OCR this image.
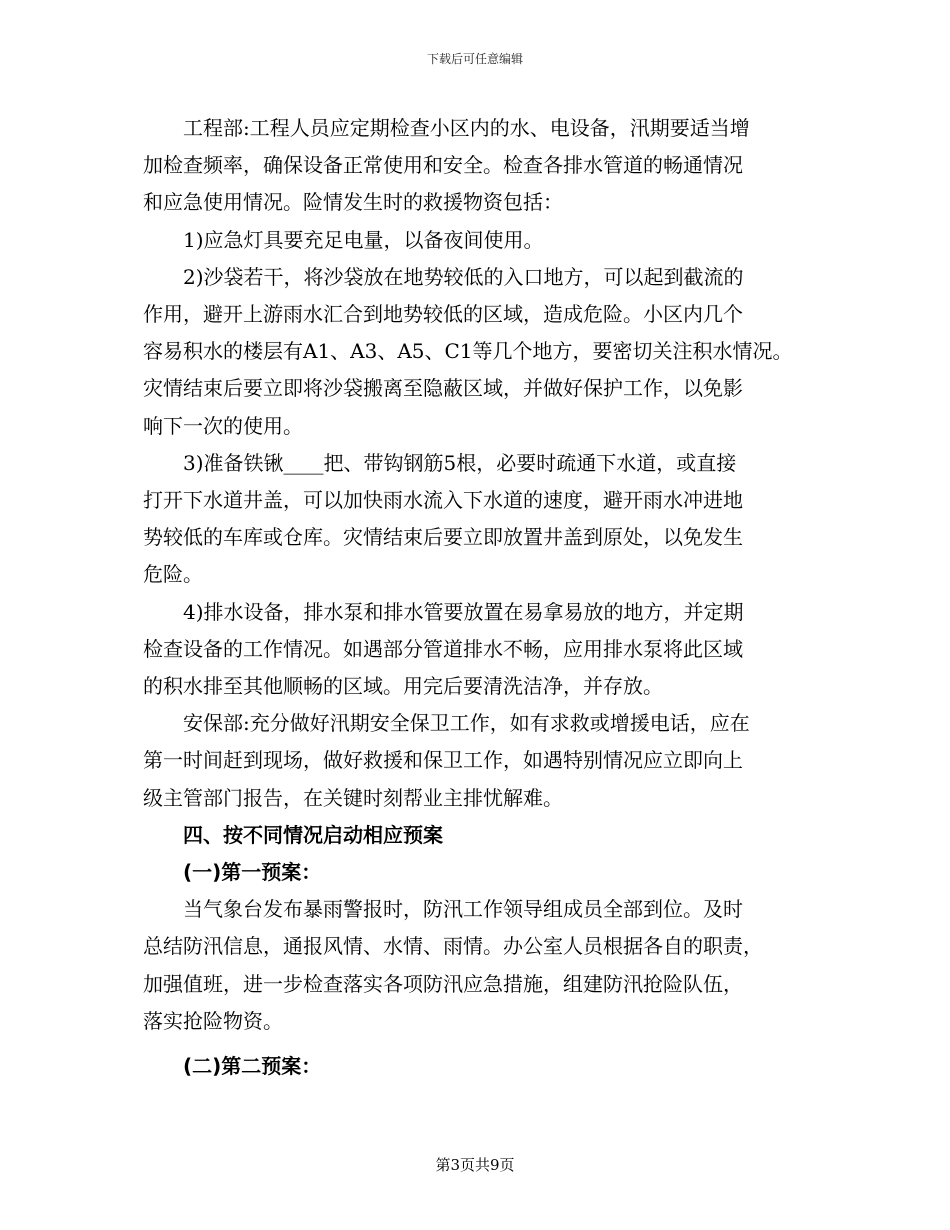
下载后可任意编辑

工程部:工程人员应定期检查小区内的水、电设备，汛期要适当增
加检查频率，确保设备正常使用和安全。检查各排水管道的畅通情况
和应急使用情况。险情发生时的救援物资包括：

1)应急灯具要充足电量，以备夜间使用。

2)沙袋若干，将沙袋放在地势较低的入口地方，可以起到截流的
作用，避开上游雨水汇合到地势较低的区域，造成危险。小区内几个
容易积水的楼层有A1、A3、A5、C1等几个地方，要密切关注积水情况。
灾情结束后要立即将沙袋搬离至隐蔽区域，并做好保护工作，以免影
响下一次的使用。

3)准备铁锹____把、带钩钢筋5根，必要时疏通下水道，或直接
打开下水道井盖，可以加快雨水流入下水道的速度，避开雨水冲进地
势较低的车库或仓库。灾情结束后要立即放置井盖到原处，以免发生
危险。

4)排水设备，排水泵和排水管要放置在易拿易放的地方，并定期
检查设备的工作情况。如遇部分管道排水不畅，应用排水泵将此区域
的积水排至其他顺畅的区域。用完后要清洗洁净，并存放。

安保部:充分做好汛期安全保卫工作，如有求救或增援电话，应在
第一时间赶到现场，做好救援和保卫工作，如遇特别情况应立即向上
级主管部门报告，在关键时刻帮业主排忧解难。

四、按不同情况启动相应预案
(一)第一预案：

当气象台发布暴雨警报时，防汛工作领导组成员全部到位。及时
总结防汛信息，通报风情、水情、雨情。办公室人员根据各自的职责，
加强值班，进一步检查落实各项防汛应急措施，组建防汛抢险队伍，
落实抢险物资。

(二)第二预案：
第3页共9页
